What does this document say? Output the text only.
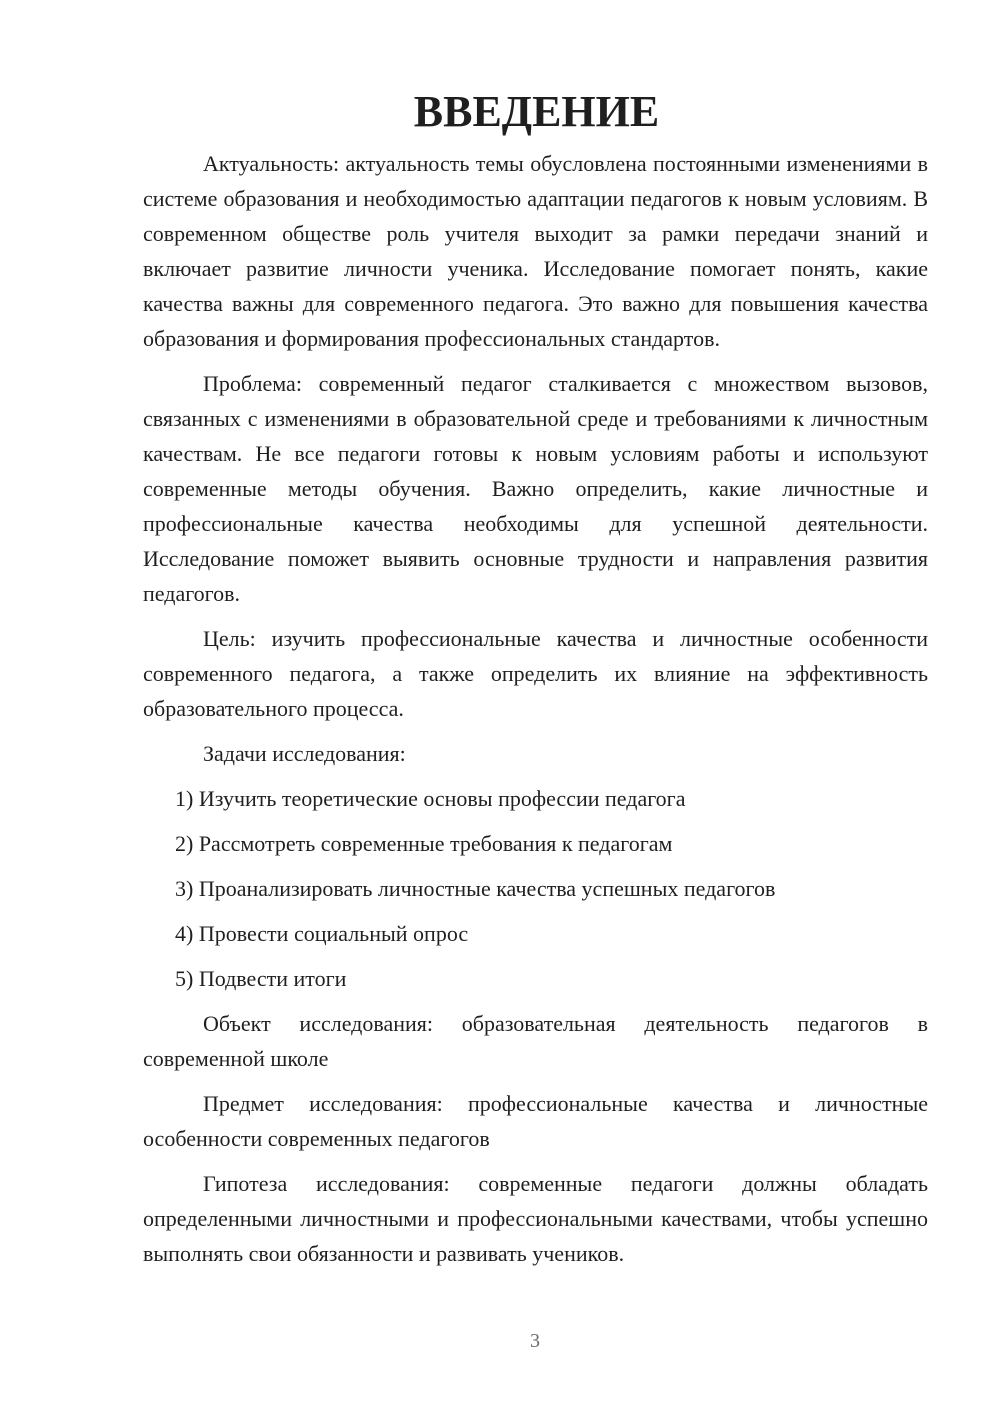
ВВЕДЕНИЕ

Актуальность: актуальность темы обусловлена постоянными изменениями в системе образования и необходимостью адаптации педагогов к новым условиям. В современном обществе роль учителя выходит за рамки передачи знаний и включает развитие личности ученика. Исследование помогает понять, какие качества важны для современного педагога. Это важно для повышения качества образования и формирования профессиональных стандартов.

Проблема: современный педагог сталкивается с множеством вызовов, связанных с изменениями в образовательной среде и требованиями к личностным качествам. Не все педагоги готовы к новым условиям работы и используют современные методы обучения. Важно определить, какие личностные и профессиональные качества необходимы для успешной деятельности. Исследование поможет выявить основные трудности и направления развития педагогов.

Цель: изучить профессиональные качества и личностные особенности современного педагога, а также определить их влияние на эффективность образовательного процесса.

Задачи исследования:

1) Изучить теоретические основы профессии педагога
2) Рассмотреть современные требования к педагогам
3) Проанализировать личностные качества успешных педагогов
4) Провести социальный опрос
5) Подвести итоги

Объект исследования: образовательная деятельность педагогов в современной школе

Предмет исследования: профессиональные качества и личностные особенности современных педагогов

Гипотеза исследования: современные педагоги должны обладать определенными личностными и профессиональными качествами, чтобы успешно выполнять свои обязанности и развивать учеников.

3
